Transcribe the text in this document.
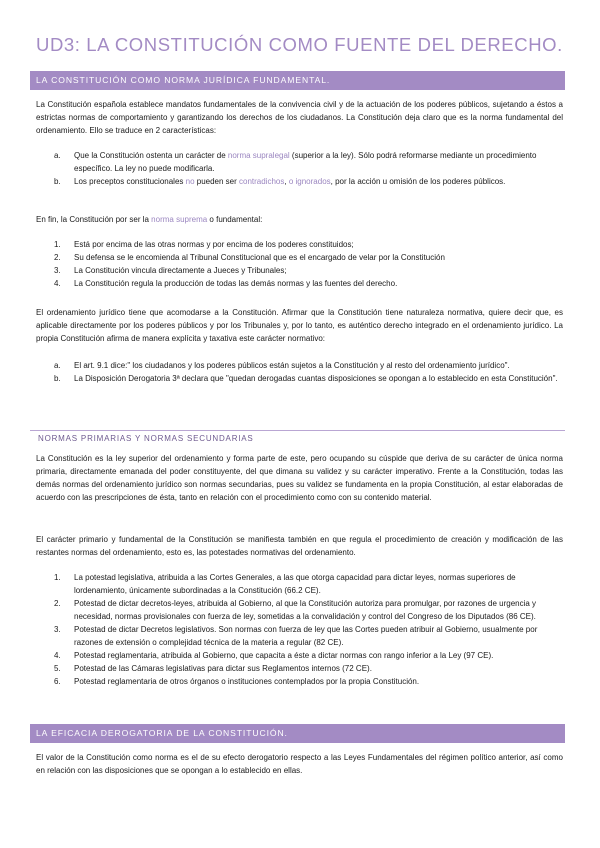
UD3: LA CONSTITUCIÓN COMO FUENTE DEL DERECHO.
LA CONSTITUCIÓN COMO NORMA JURÍDICA FUNDAMENTAL.
La Constitución española establece mandatos fundamentales de la convivencia civil y de la actuación de los poderes públicos, sujetando a éstos a estrictas normas de comportamiento y garantizando los derechos de los ciudadanos. La Constitución deja claro que es la norma fundamental del ordenamiento. Ello se traduce en 2 características:
a. Que la Constitución ostenta un carácter de norma supralegal (superior a la ley). Sólo podrá reformarse mediante un procedimiento específico. La ley no puede modificarla.
b. Los preceptos constitucionales no pueden ser contradichos, o ignorados, por la acción u omisión de los poderes públicos.
En fin, la Constitución por ser la norma suprema o fundamental:
1. Está por encima de las otras normas y por encima de los poderes constituidos;
2. Su defensa se le encomienda al Tribunal Constitucional que es el encargado de velar por la Constitución
3. La Constitución vincula directamente a Jueces y Tribunales;
4. La Constitución regula la producción de todas las demás normas y las fuentes del derecho.
El ordenamiento jurídico tiene que acomodarse a la Constitución. Afirmar que la Constitución tiene naturaleza normativa, quiere decir que, es aplicable directamente por los poderes públicos y por los Tribunales y, por lo tanto, es auténtico derecho integrado en el ordenamiento jurídico. La propia Constitución afirma de manera explícita y taxativa este carácter normativo:
a. El art. 9.1 dice:" los ciudadanos y los poderes públicos están sujetos a la Constitución y al resto del ordenamiento jurídico".
b. La Disposición Derogatoria 3ª declara que "quedan derogadas cuantas disposiciones se opongan a lo establecido en esta Constitución".
NORMAS PRIMARIAS Y NORMAS SECUNDARIAS
La Constitución es la ley superior del ordenamiento y forma parte de este, pero ocupando su cúspide que deriva de su carácter de única norma primaria, directamente emanada del poder constituyente, del que dimana su validez y su carácter imperativo. Frente a la Constitución, todas las demás normas del ordenamiento jurídico son normas secundarias, pues su validez se fundamenta en la propia Constitución, al estar elaboradas de acuerdo con las prescripciones de ésta, tanto en relación con el procedimiento como con su contenido material.
El carácter primario y fundamental de la Constitución se manifiesta también en que regula el procedimiento de creación y modificación de las restantes normas del ordenamiento, esto es, las potestades normativas del ordenamiento.
1. La potestad legislativa, atribuida a las Cortes Generales, a las que otorga capacidad para dictar leyes, normas superiores de lordenamiento, únicamente subordinadas a la Constitución (66.2 CE).
2. Potestad de dictar decretos-leyes, atribuida al Gobierno, al que la Constitución autoriza para promulgar, por razones de urgencia y necesidad, normas provisionales con fuerza de ley, sometidas a la convalidación y control del Congreso de los Diputados (86 CE).
3. Potestad de dictar Decretos legislativos. Son normas con fuerza de ley que las Cortes pueden atribuir al Gobierno, usualmente por razones de extensión o complejidad técnica de la materia a regular (82 CE).
4. Potestad reglamentaria, atribuida al Gobierno, que capacita a éste a dictar normas con rango inferior a la Ley (97 CE).
5. Potestad de las Cámaras legislativas para dictar sus Reglamentos internos (72 CE).
6. Potestad reglamentaria de otros órganos o instituciones contemplados por la propia Constitución.
LA EFICACIA DEROGATORIA DE LA CONSTITUCIÓN.
El valor de la Constitución como norma es el de su efecto derogatorio respecto a las Leyes Fundamentales del régimen político anterior, así como en relación con las disposiciones que se opongan a lo establecido en ellas.
